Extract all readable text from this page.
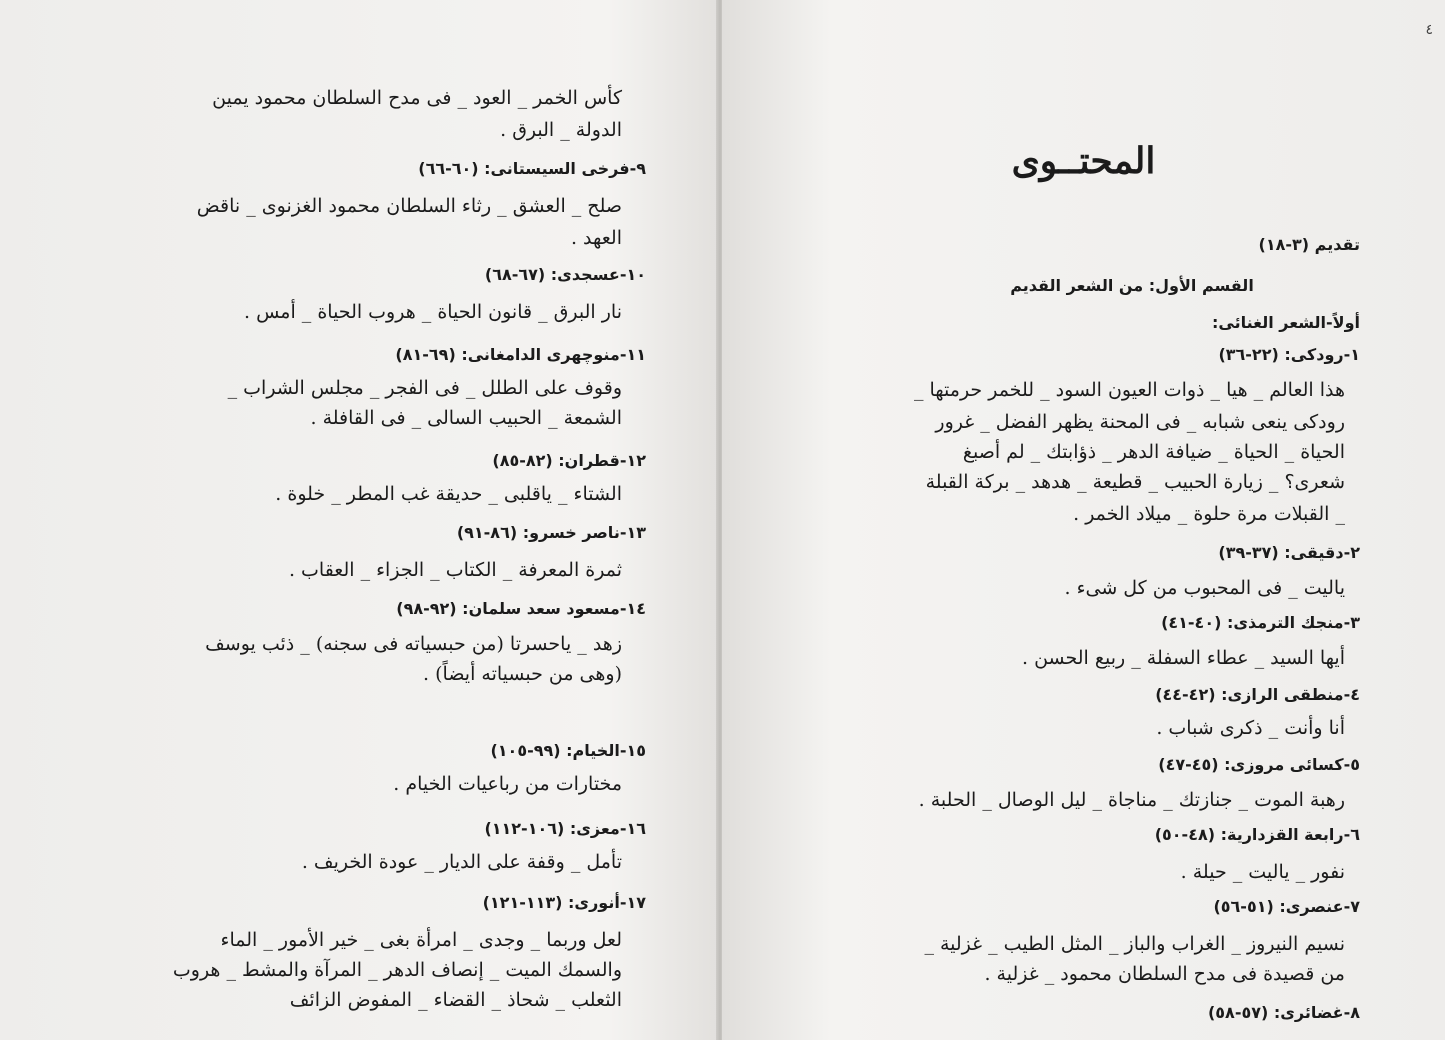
كأس الخمر _ العود _ فى مدح السلطان محمود يمين
الدولة _ البرق .
٩-فرخى السيستانى: (٦٠-٦٦)
صلح _ العشق _ رثاء السلطان محمود الغزنوى _ ناقض
العهد .
١٠-عسجدى: (٦٧-٦٨)
نار البرق _ قانون الحياة _ هروب الحياة _ أمس .
١١-منوچهرى الدامغانى: (٦٩-٨١)
وقوف على الطلل _ فى الفجر _ مجلس الشراب _
الشمعة _ الحبيب السالى _ فى القافلة .
١٢-قطران: (٨٢-٨٥)
الشتاء _ ياقلبى _ حديقة غب المطر _ خلوة .
١٣-ناصر خسرو: (٨٦-٩١)
ثمرة المعرفة _ الكتاب _ الجزاء _ العقاب .
١٤-مسعود سعد سلمان: (٩٢-٩٨)
زهد _ ياحسرتا (من حبسياته فى سجنه) _ ذئب يوسف
(وهى من حبسياته أيضاً) .
١٥-الخيام: (٩٩-١٠٥)
مختارات من رباعيات الخيام .
١٦-معزى: (١٠٦-١١٢)
تأمل _ وقفة على الديار _ عودة الخريف .
١٧-أنورى: (١١٣-١٢١)
لعل وربما _ وجدى _ امرأة بغى _ خير الأمور _ الماء
والسمك الميت _ إنصاف الدهر _ المرآة والمشط _ هروب
الثعلب _ شحاذ _ القضاء _ المفوض الزائف
٤
المحتــوى
تقديم (٣-١٨)
القسم الأول: من الشعر القديم
أولاً-الشعر الغنائى:
١-رودكى: (٢٢-٣٦)
هذا العالم _ هيا _ ذوات العيون السود _ للخمر حرمتها _
رودكى ينعى شبابه _ فى المحنة يظهر الفضل _ غرور
الحياة _ الحياة _ ضيافة الدهر _ ذؤابتك _ لم أصبغ
شعرى؟ _ زيارة الحبيب _ قطيعة _ هدهد _ بركة القبلة
_ القبلات مرة حلوة _ ميلاد الخمر .
٢-دقيقى: (٣٧-٣٩)
ياليت _ فى المحبوب من كل شىء .
٣-منجك الترمذى: (٤٠-٤١)
أيها السيد _ عطاء السفلة _ ربيع الحسن .
٤-منطقى الرازى: (٤٢-٤٤)
أنا وأنت _ ذكرى شباب .
٥-كسائى مروزى: (٤٥-٤٧)
رهبة الموت _ جنازتك _ مناجاة _ ليل الوصال _ الحلبة .
٦-رابعة القزدارية: (٤٨-٥٠)
نفور _ ياليت _ حيلة .
٧-عنصرى: (٥١-٥٦)
نسيم النيروز _ الغراب والباز _ المثل الطيب _ غزلية _
من قصيدة فى مدح السلطان محمود _ غزلية .
٨-غضائرى: (٥٧-٥٨)
